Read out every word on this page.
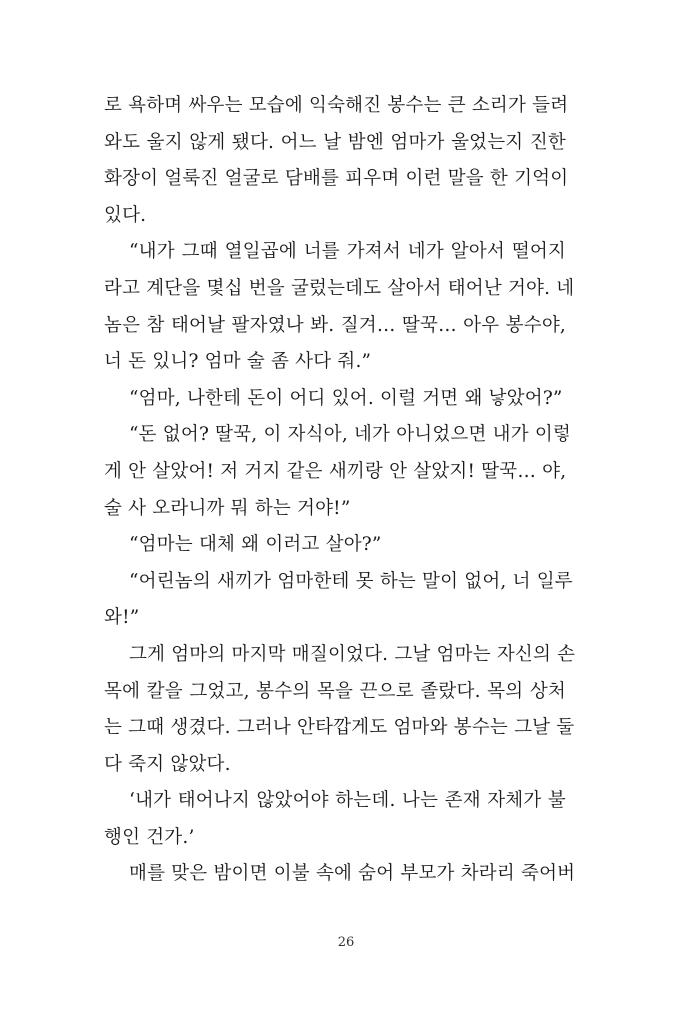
로 욕하며 싸우는 모습에 익숙해진 봉수는 큰 소리가 들려
와도 울지 않게 됐다. 어느 날 밤엔 엄마가 울었는지 진한
화장이 얼룩진 얼굴로 담배를 피우며 이런 말을 한 기억이
있다.
“내가 그때 열일곱에 너를 가져서 네가 알아서 떨어지
라고 계단을 몇십 번을 굴렀는데도 살아서 태어난 거야. 네
놈은 참 태어날 팔자였나 봐. 질겨… 딸꾹… 아우 봉수야,
너 돈 있니? 엄마 술 좀 사다 줘.”
“엄마, 나한테 돈이 어디 있어. 이럴 거면 왜 낳았어?”
“돈 없어? 딸꾹, 이 자식아, 네가 아니었으면 내가 이렇
게 안 살았어! 저 거지 같은 새끼랑 안 살았지! 딸꾹… 야,
술 사 오라니까 뭐 하는 거야!”
“엄마는 대체 왜 이러고 살아?”
“어린놈의 새끼가 엄마한테 못 하는 말이 없어, 너 일루
와!”
그게 엄마의 마지막 매질이었다. 그날 엄마는 자신의 손
목에 칼을 그었고, 봉수의 목을 끈으로 졸랐다. 목의 상처
는 그때 생겼다. 그러나 안타깝게도 엄마와 봉수는 그날 둘
다 죽지 않았다.
‘내가 태어나지 않았어야 하는데. 나는 존재 자체가 불
행인 건가.’
매를 맞은 밤이면 이불 속에 숨어 부모가 차라리 죽어버
26
